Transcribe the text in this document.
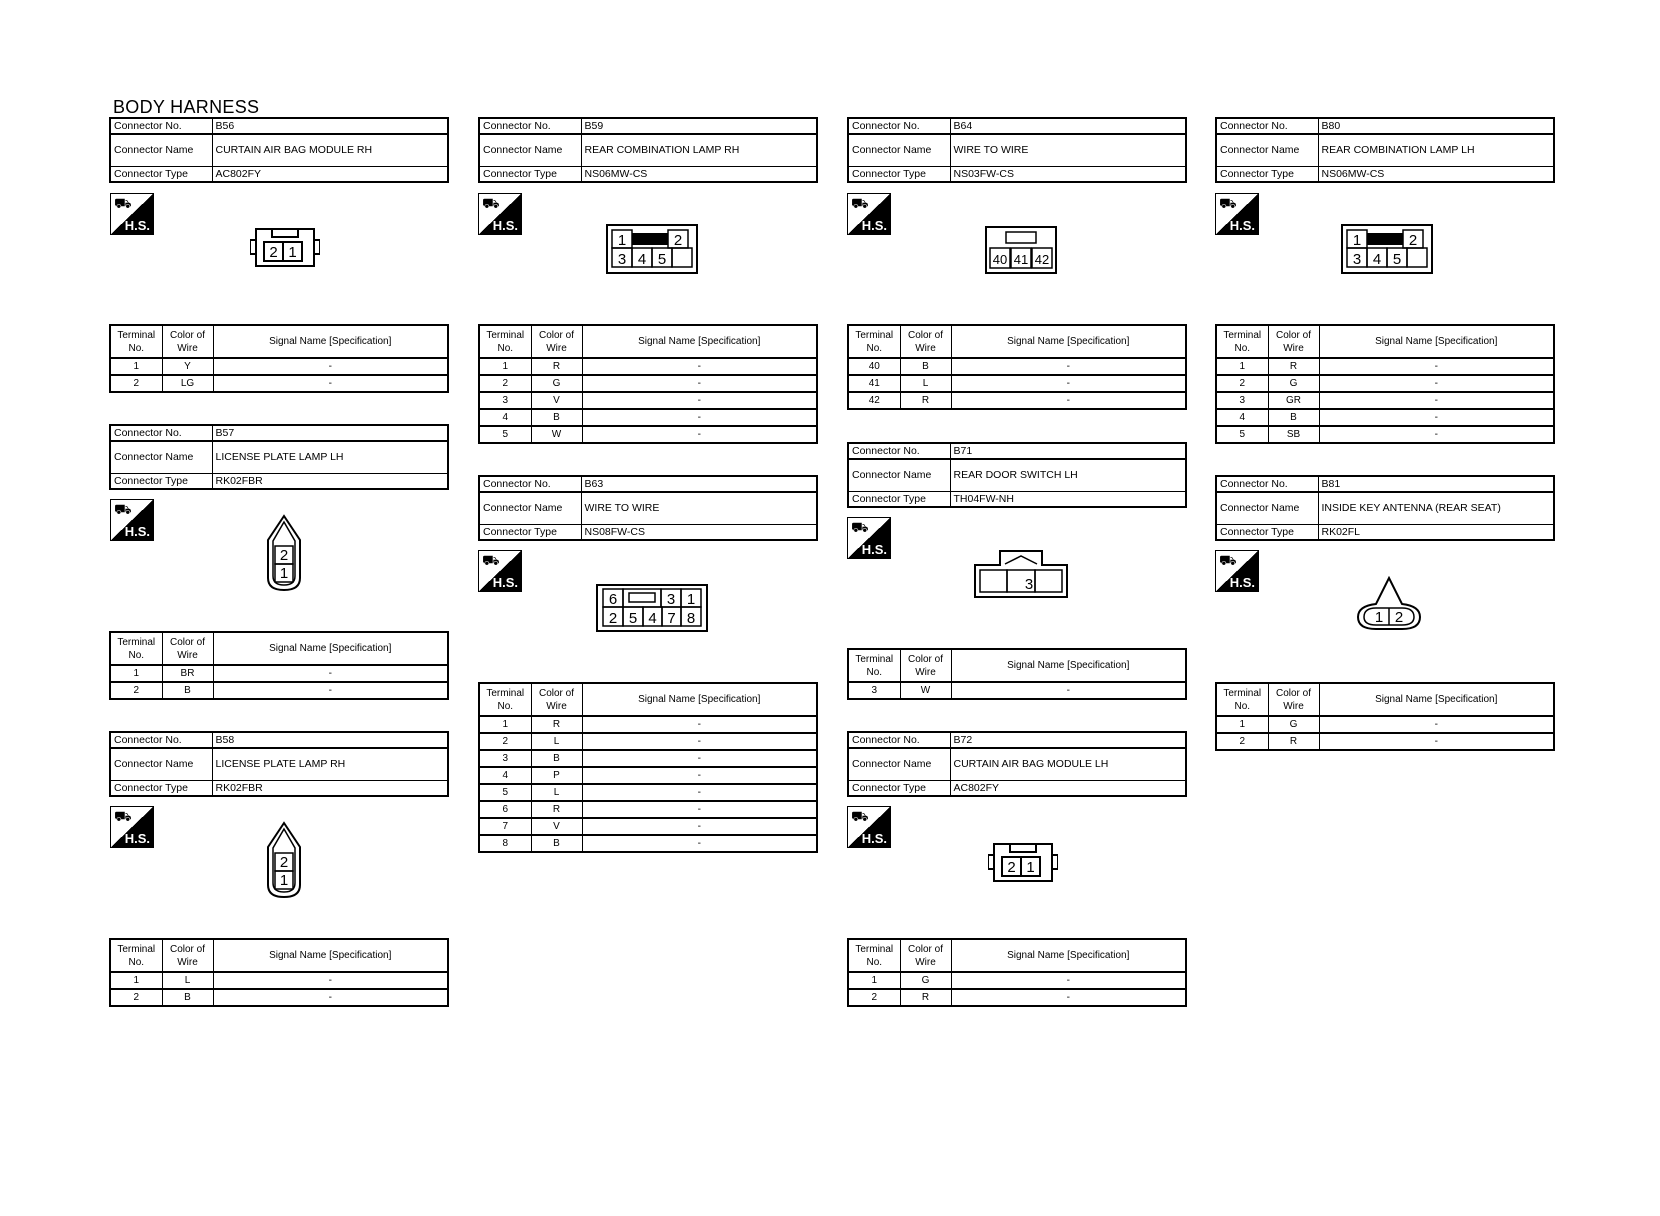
BODY HARNESS
Connector No.	B56
Connector Name	CURTAIN AIR BAG MODULE RH
Connector Type	AC802FY
⛟
H.S.
2 1
Terminal No.	Color of Wire	Signal Name [Specification]
1	Y	-
2	LG	-
Connector No.	B57
Connector Name	LICENSE PLATE LAMP LH
Connector Type	RK02FBR
⛟
H.S.
2
1
Terminal No.	Color of Wire	Signal Name [Specification]
1	BR	-
2	B	-
Connector No.	B58
Connector Name	LICENSE PLATE LAMP RH
Connector Type	RK02FBR
⛟
H.S.
2
1
Terminal No.	Color of Wire	Signal Name [Specification]
1	L	-
2	B	-
Connector No.	B59
Connector Name	REAR COMBINATION LAMP RH
Connector Type	NS06MW-CS
⛟
H.S.
1	2
3 4 5
Terminal No.	Color of Wire	Signal Name [Specification]
1	R	-
2	G	-
3	V	-
4	B	-
5	W	-
Connector No.	B63
Connector Name	WIRE TO WIRE
Connector Type	NS08FW-CS
⛟
H.S.
6	3 1
2 5 4 7 8
Terminal No.	Color of Wire	Signal Name [Specification]
1	R	-
2	L	-
3	B	-
4	P	-
5	L	-
6	R	-
7	V	-
8	B	-
Connector No.	B64
Connector Name	WIRE TO WIRE
Connector Type	NS03FW-CS
⛟
H.S.
40 41 42
Terminal No.	Color of Wire	Signal Name [Specification]
40	B	-
41	L	-
42	R	-
Connector No.	B71
Connector Name	REAR DOOR SWITCH LH
Connector Type	TH04FW-NH
⛟
H.S.
3
Terminal No.	Color of Wire	Signal Name [Specification]
3	W	-
Connector No.	B72
Connector Name	CURTAIN AIR BAG MODULE LH
Connector Type	AC802FY
⛟
H.S.
2 1
Terminal No.	Color of Wire	Signal Name [Specification]
1	G	-
2	R	-
Connector No.	B80
Connector Name	REAR COMBINATION LAMP LH
Connector Type	NS06MW-CS
⛟
H.S.
1	2
3 4 5
Terminal No.	Color of Wire	Signal Name [Specification]
1	R	-
2	G	-
3	GR	-
4	B	-
5	SB	-
Connector No.	B81
Connector Name	INSIDE KEY ANTENNA (REAR SEAT)
Connector Type	RK02FL
⛟
H.S.
1 2
Terminal No.	Color of Wire	Signal Name [Specification]
1	G	-
2	R	-
